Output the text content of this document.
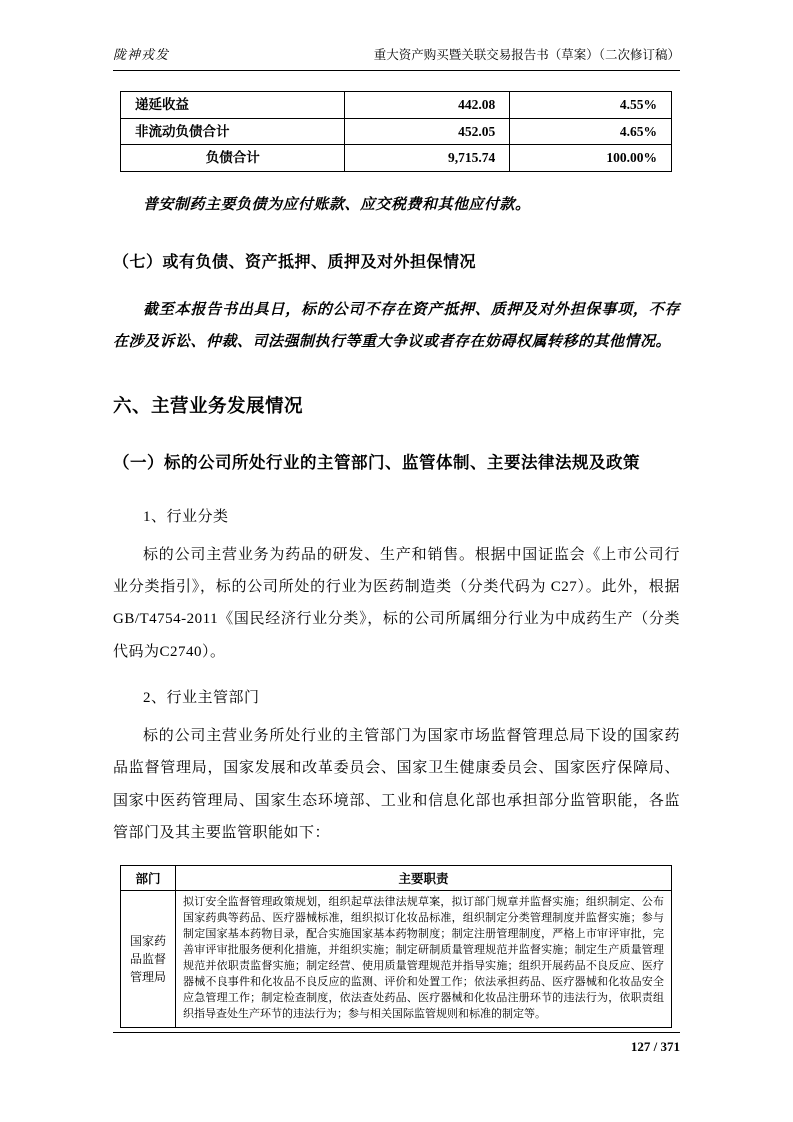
陇神戎发	重大资产购买暨关联交易报告书（草案）（二次修订稿）
递延收益	442.08	4.55%
非流动负债合计	452.05	4.65%
负债合计	9,715.74	100.00%

普安制药主要负债为应付账款、应交税费和其他应付款。

（七）或有负债、资产抵押、质押及对外担保情况

截至本报告书出具日，标的公司不存在资产抵押、质押及对外担保事项，不存在涉及诉讼、仲裁、司法强制执行等重大争议或者存在妨碍权属转移的其他情况。

六、主营业务发展情况
（一）标的公司所处行业的主管部门、监管体制、主要法律法规及政策

1、行业分类

标的公司主营业务为药品的研发、生产和销售。根据中国证监会《上市公司行业分类指引》，标的公司所处的行业为医药制造类（分类代码为 C27）。此外，根据 GB/T4754-2011《国民经济行业分类》，标的公司所属细分行业为中成药生产（分类代码为C2740）。

2、行业主管部门

标的公司主营业务所处行业的主管部门为国家市场监督管理总局下设的国家药品监督管理局，国家发展和改革委员会、国家卫生健康委员会、国家医疗保障局、国家中医药管理局、国家生态环境部、工业和信息化部也承担部分监管职能，各监管部门及其主要监管职能如下：

部门	主要职责
国家药品监督管理局	拟订安全监督管理政策规划，组织起草法律法规草案，拟订部门规章并监督实施；组织制定、公布国家药典等药品、医疗器械标准，组织拟订化妆品标准，组织制定分类管理制度并监督实施；参与制定国家基本药物目录，配合实施国家基本药物制度；制定注册管理制度，严格上市审评审批，完善审评审批服务便利化措施，并组织实施；制定研制质量管理规范并监督实施；制定生产质量管理规范并依职责监督实施；制定经营、使用质量管理规范并指导实施；组织开展药品不良反应、医疗器械不良事件和化妆品不良反应的监测、评价和处置工作；依法承担药品、医疗器械和化妆品安全应急管理工作；制定检查制度，依法查处药品、医疗器械和化妆品注册环节的违法行为，依职责组织指导查处生产环节的违法行为；参与相关国际监管规则和标准的制定等。
127 / 371
